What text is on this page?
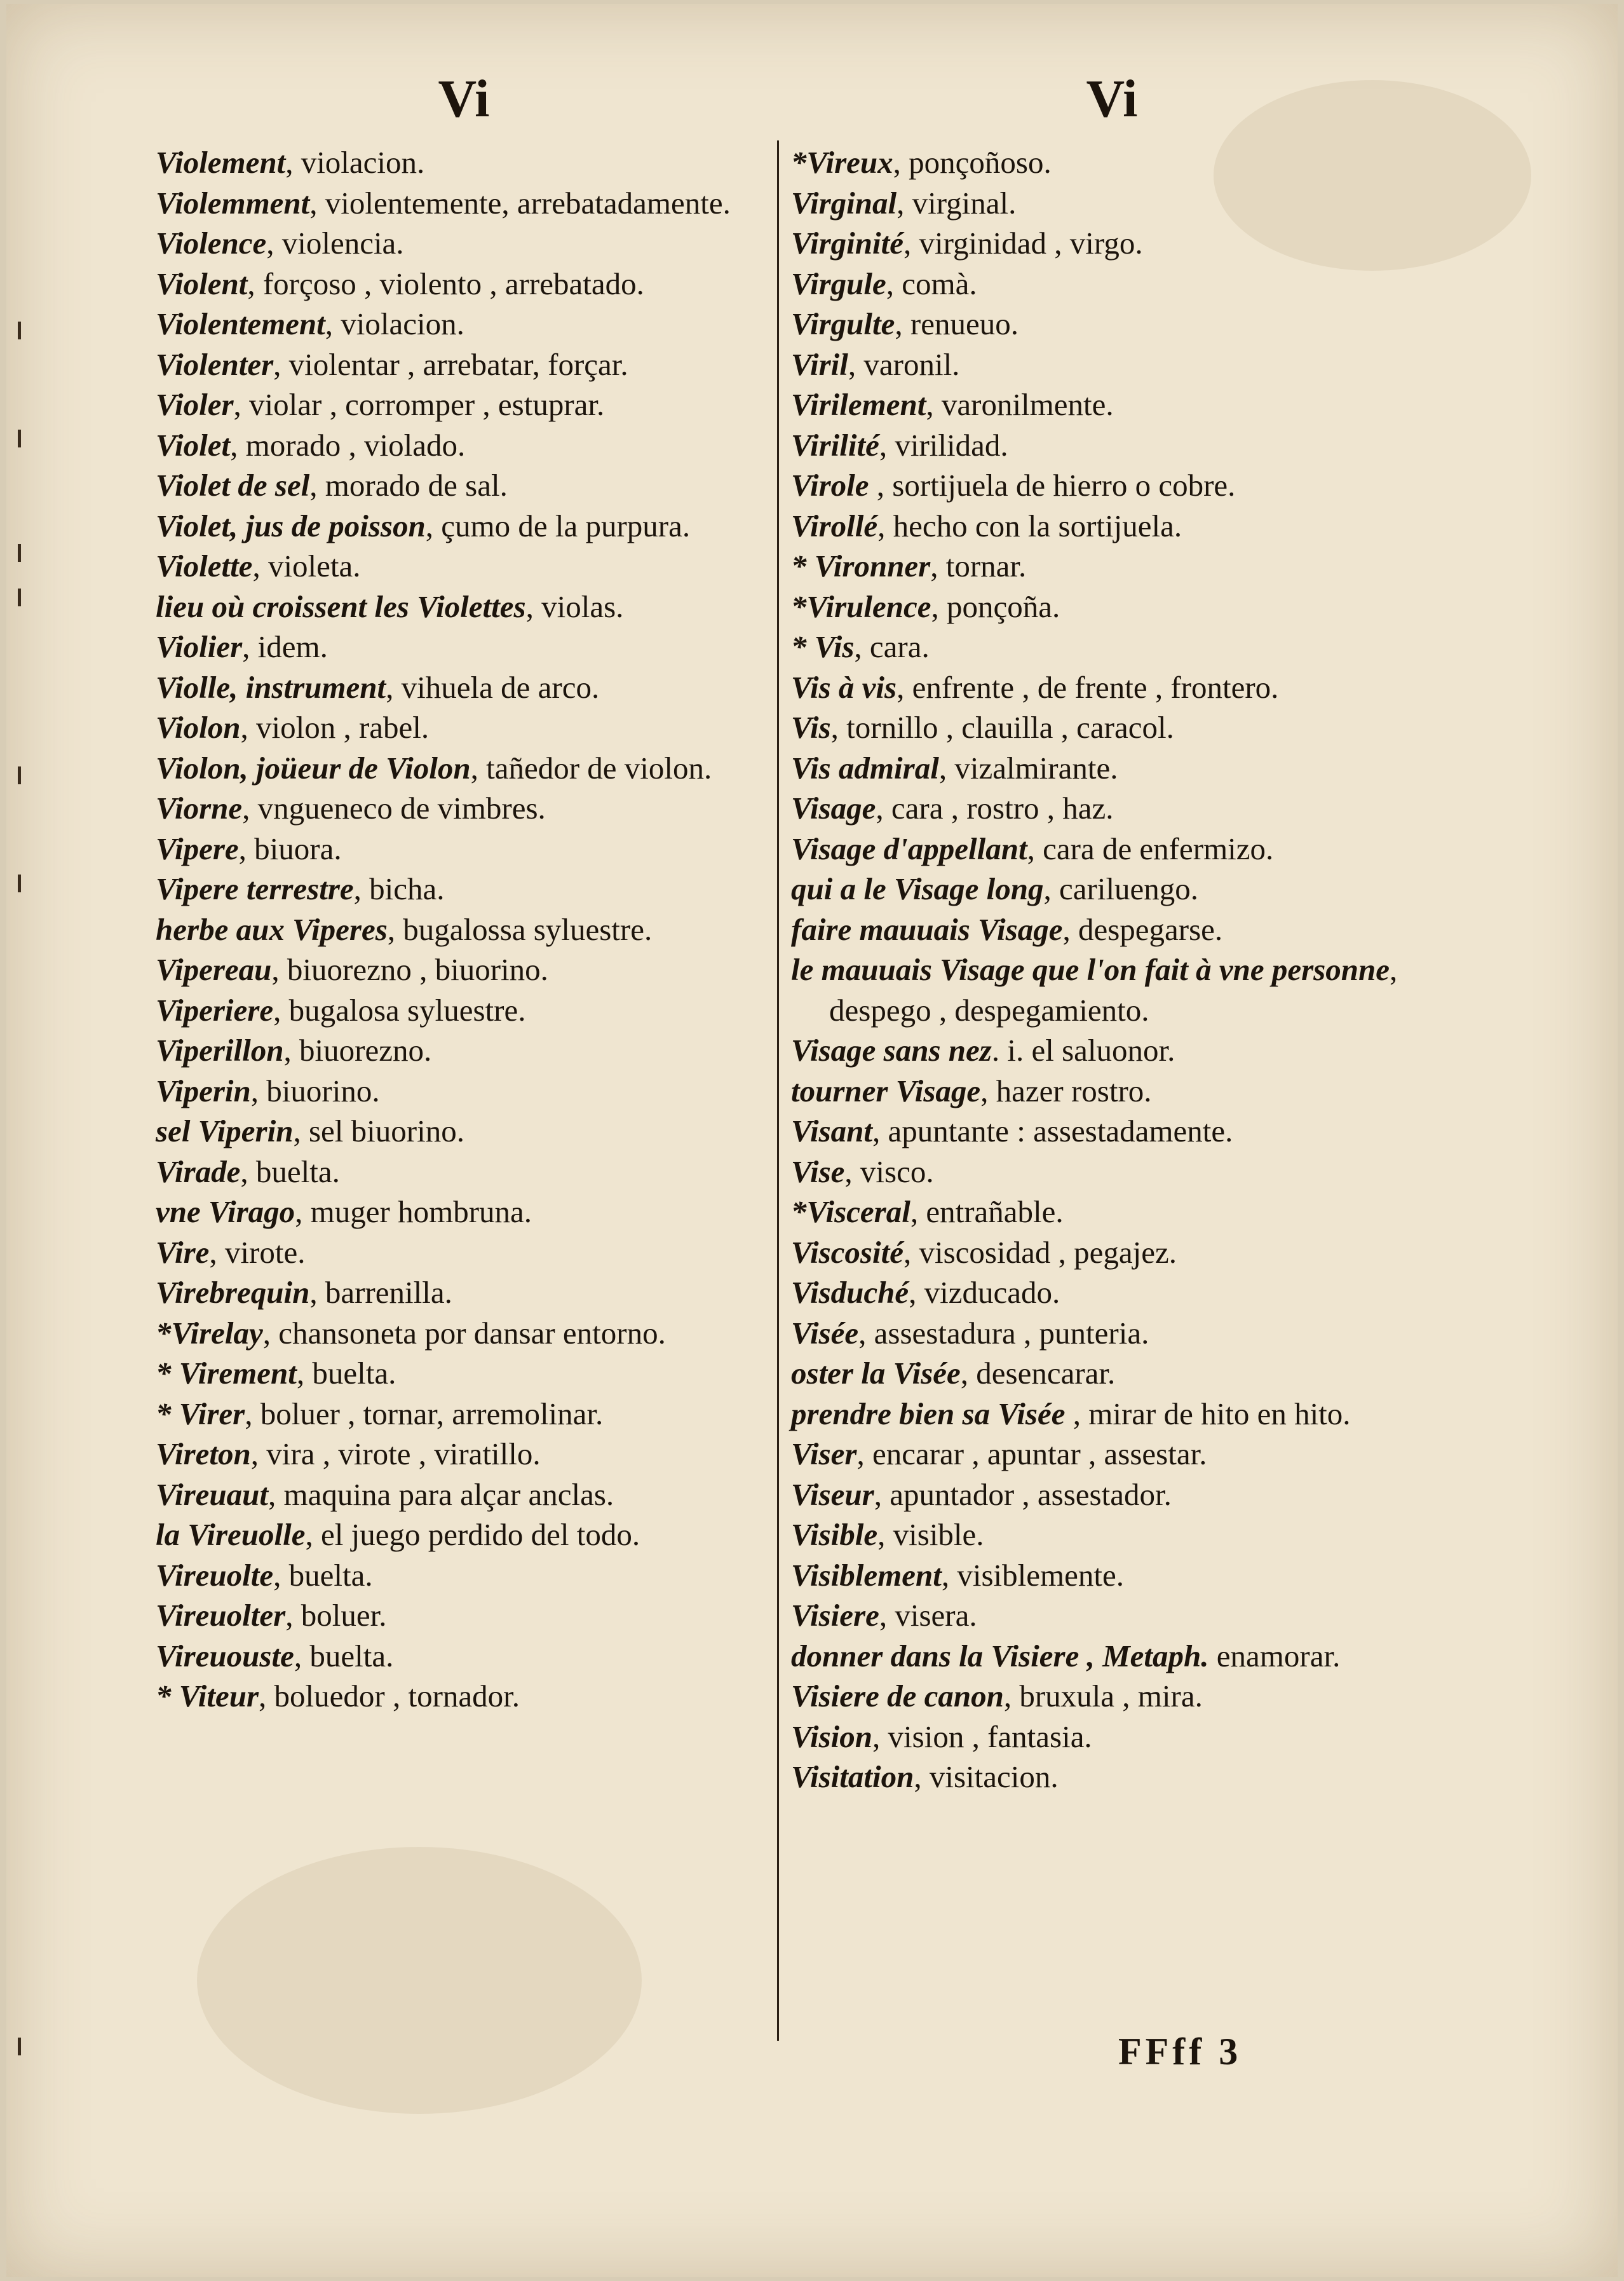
Vi	Vi

Violement, violacion.

Violemment, violentemente, arrebatadamente.

Violence, violencia.

Violent, forçoso , violento , arrebatado.

Violentement, violacion.

Violenter, violentar , arrebatar, forçar.

Violer, violar , corromper , estuprar.

Violet, morado , violado.

Violet de sel, morado de sal.

Violet, jus de poisson, çumo de la purpura.

Violette, violeta.

lieu où croissent les Violettes, violas.

Violier, idem.

Violle, instrument, vihuela de arco.

Violon, violon , rabel.

Violon, joüeur de Violon, tañedor de violon.

Viorne, vngueneco de vimbres.

Vipere, biuora.

Vipere terrestre, bicha.

herbe aux Viperes, bugalossa syluestre.

Vipereau, biuorezno , biuorino.

Viperiere, bugalosa syluestre.

Viperillon, biuorezno.

Viperin, biuorino.

sel Viperin, sel biuorino.

Virade, buelta.

vne Virago, muger hombruna.

Vire, virote.

Virebrequin, barrenilla.

*Virelay, chansoneta por dansar entorno.

* Virement, buelta.

* Virer, boluer , tornar, arremolinar.

Vireton, vira , virote , viratillo.

Vireuaut, maquina para alçar anclas.

la Vireuolle, el juego perdido del todo.

Vireuolte, buelta.

Vireuolter, boluer.

Vireuouste, buelta.

* Viteur, boluedor , tornador.

*Vireux, ponçoñoso.

Virginal, virginal.

Virginité, virginidad , virgo.

Virgule, comà.

Virgulte, renueuo.

Viril, varonil.

Virilement, varonilmente.

Virilité, virilidad.

Virole , sortijuela de hierro o cobre.

Virollé, hecho con la sortijuela.

* Vironner, tornar.

*Virulence, ponçoña.

* Vis, cara.

Vis à vis, enfrente , de frente , frontero.

Vis, tornillo , clauilla , caracol.

Vis admiral, vizalmirante.

Visage, cara , rostro , haz.

Visage d'appellant, cara de enfermizo.

qui a le Visage long, cariluengo.

faire mauuais Visage, despegarse.

le mauuais Visage que l'on fait à vne personne, despego , despegamiento.

Visage sans nez. i. el saluonor.

tourner Visage, hazer rostro.

Visant, apuntante : assestadamente.

Vise, visco.

*Visceral, entrañable.

Viscosité, viscosidad , pegajez.

Visduché, vizducado.

Visée, assestadura , punteria.

oster la Visée, desencarar.

prendre bien sa Visée , mirar de hito en hito.

Viser, encarar , apuntar , assestar.

Viseur, apuntador , assestador.

Visible, visible.

Visiblement, visiblemente.

Visiere, visera.

donner dans la Visiere , Metaph. enamorar.

Visiere de canon, bruxula , mira.

Vision, vision , fantasia.

Visitation, visitacion.

FFff 3
